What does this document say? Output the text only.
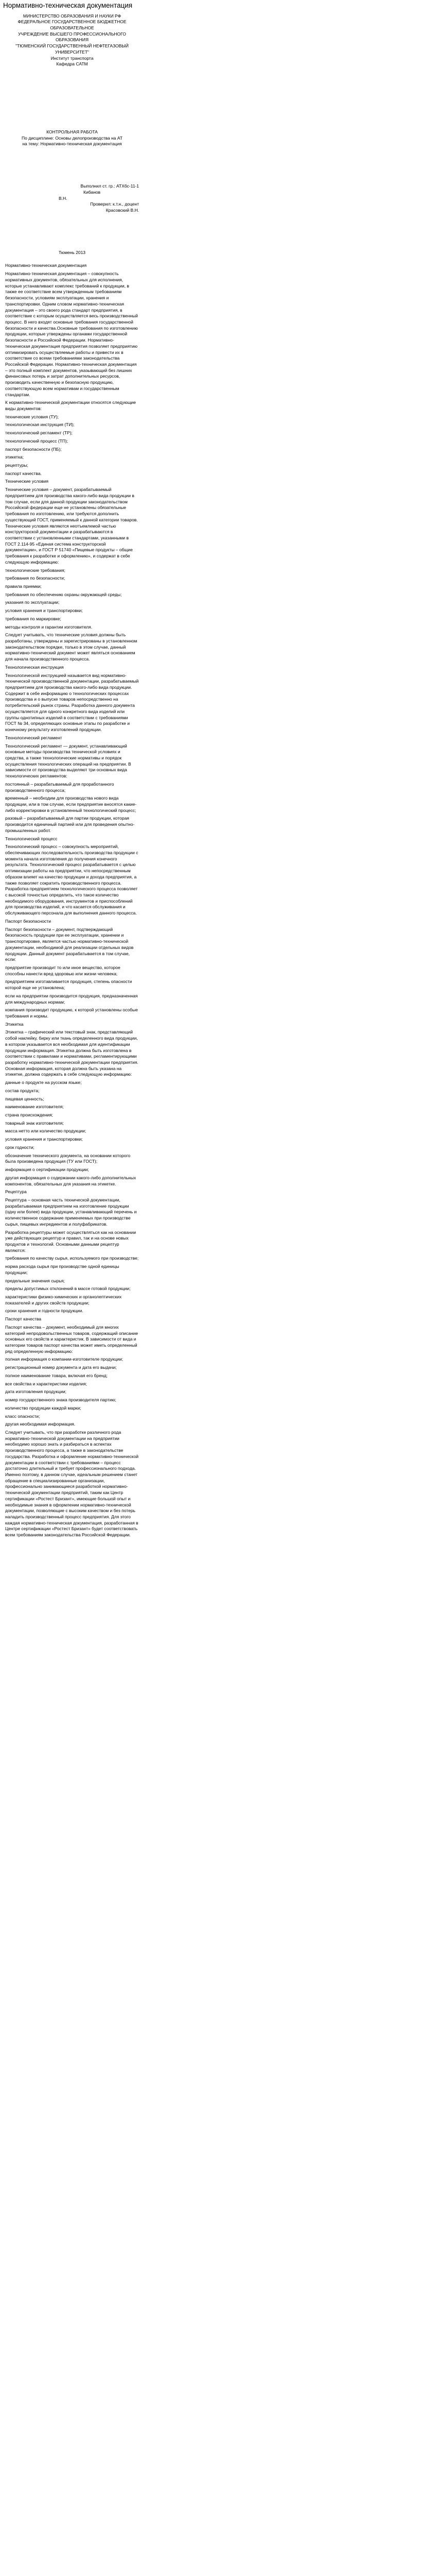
Нормативно-техническая документация

МИНИСТЕРСТВО ОБРАЗОВАНИЯ И НАУКИ РФ

ФЕДЕРАЛЬНОЕ ГОСУДАРСТВЕННОЕ БЮДЖЕТНОЕ ОБРАЗОВАТЕЛЬНОЕ

УЧРЕЖДЕНИЕ ВЫСШЕГО ПРОФЕССИОНАЛЬНОГО ОБРАЗОВАНИЯ

"ТЮМЕНСКИЙ ГОСУДАРСТВЕННЫЙ НЕФТЕГАЗОВЫЙ УНИВЕРСИТЕТ"

Институт транспорта

Кафедра САТМ

КОНТРОЛЬНАЯ РАБОТА

По дисциплине: Основы делопроизводства на АТ

на тему: Нормативно-техническая документация

Выполнил ст. гр.: АТХбс-11-1

Кибанов

В.Н.

Проверил: к.т.н., доцент

Красовский В.Н.

Тюмень 2013

Нормативно-техническая документация

Нормативно-техническая документация – совокупность нормативных документов, обязательных для исполнения, которые устанавливают комплекс требований к продукции, в также ее соответствие всем утвержденным требованиям безопасности, условиям эксплуатации, хранения и транспортировки. Одним словом нормативно-техническая документация – это своего рода стандарт предприятия, в соответствие с которым осуществляется весь производственный процесс. В него входят основные требования государственной безопасности и качества.Основные требования по изготовлению продукции, которые утверждены органами государственной безопасности и Российской Федерации. Нормативно-техническая документация предприятия позволяет предприятию оптимизировать осуществляемые работы и привести их в соответствие со всеми требованиями законодательства Российской Федерации. Нормативно-техническая документация – это полный комплект документов, указывающий без лишних финансовых потерь и затрат дополнительных ресурсов, производить качественную и безопасную продукцию, соответствующую всем нормативам и государственным стандартам.

К нормативно-технической документации относятся следующие виды документов:

технические условия (ТУ);

технологическая инструкция (ТИ);

технологический регламент (ТР);

технологический процесс (ТП);

паспорт безопасности (ПБ);

этикетка;

рецептуры;

паспорт качества.

Технические условия

Технические условия – документ, разрабатываемый предприятием для производства какого-либо вида продукции в том случае, если для данной продукции законодательством Российской федерации еще не установлены обязательные требования по изготовлению, или требуются дополнить существующий ГОСТ, применяемый к данной категории товаров. Технические условия являются неотъемлемой частью конструкторской документации и разрабатываются в соответствии с установленными стандартами, указанными в ГОСТ 2.114-95 «Единая система конструкторской документации», и ГОСТ Р 51740 «Пищевые продукты – общие требования к разработке и оформлению», и содержат в себе следующую информацию:

технологические требования;

требования по безопасности;

правила приемки;

требования по обеспечению охраны окружающей среды;

указания по эксплуатации;

условия хранения и транспортировки;

требования по маркировке;

методы контроля и гарантии изготовителя.

Следует учитывать, что технические условия должны быть разработаны, утверждены и зарегистрированы в установленном законодательством порядке, только в этом случае, данный нормативно-технический документ может являться основанием для начала производственного процесса.

Технологическая инструкция

Технологической инструкцией называется вид нормативно-технической производственной документации, разрабатываемый предприятием для производства какого-либо вида продукции. Содержит в себе информацию о технологических процессах производства и о выпуске товаров непосредственно на потребительский рынок страны. Разработка данного документа осуществляется для одного конкретного вида изделий или группы однотипных изделий в соответствии с требованиями ГОСТ № 34, определяющих основные этапы по разработке и конечному результату изготовлений продукции.

Технологический регламент

Технологический регламент — документ, устанавливающий основные методы производства технической условиях и средства, а также технологические нормативы и порядок осуществления технологических операций на предприятии. В зависимости от производства выделяют три основных вида технологических регламентов:

постоянный – разрабатываемый для проработанного производственного процесса;

временный – необходим для производства нового вида продукции, или в том случае, если предприятие вносятся какие-либо корректировки в установленный технологический процесс;

разовый – разрабатываемый для партии продукции, которая производится единичный партией или для проведения опытно-промышленных работ.

Технологический процесс

Технологический процесс – совокупность мероприятий, обеспечивающих последовательность производства продукции с момента начала изготовления до получения конечного результата. Технологический процесс разрабатывается с целью оптимизации работы на предприятии, что непосредственным образом влияет на качество продукции и дохода предприятия, а также позволяет сократить производственного процесса. Разработка предприятием технологического процесса позволяет с высокой точностью определить, что такое количество необходимого оборудования, инструментов и приспособлений для производства изделий, и что касается обслуживания и обслуживающего персонала для выполнения данного процесса.

Паспорт безопасности

Паспорт безопасности – документ, подтверждающий безопасность продукции при ее эксплуатации, хранении и транспортировке, является частью нормативно-технической документации, необходимой для реализации отдельных видов продукции. Данный документ разрабатывается в том случае, если:

предприятие производит то или иное вещество, которое способны нанести вред здоровью или жизни человека;

предприятием изготавливается продукция, степень опасности которой еще не установлена;

если на предприятии производится продукция, предназначенная для международных нормам;

компания производит продукцию, к которой установлены особые требования и нормы.

Этикетка

Этикетка – графический или текстовый знак, представляющий собой наклейку, бирку или ткань определенного вида продукции, в котором указывается вся необходимая для идентификации продукции информация. Этикетка должна быть изготовлена в соответствии с правилами и нормативами, регламентирующими разработку нормативно-технической документации предприятия. Основная информация, которая должна быть указана на этикетке, должна содержать в себе следующую информацию:

данные о продукте на русском языке;

состав продукта;

пищевая ценность;

наименование изготовителя;

страна происхождения;

товарный знак изготовителя;

масса нетто или количество продукции;

условия хранения и транспортировки;

срок годности;

обозначение технического документа, на основании которого была произведена продукция (ТУ или ГОСТ);

информация о сертификации продукции;

другая информация о содержании какого-либо дополнительных компонентов, обязательных для указания на этикетке.

Рецептура

Рецептура – основная часть технической документации, разрабатываемая предприятием на изготовление продукции (одну или более) вида продукции, устанавливающий перечень и количественное содержание применяемых при производстве сырья, пищевых ингредиентов и полуфабрикатов.

Разработка рецептуры может осуществляться как на основании уже действующих рецептур и правил, так и на основе новых продуктов и технологий. Основными данными рецептур являются:

требования по качеству сырья, используемого при производстве;

норма расхода сырья при производстве одной единицы продукции;

предельные значения сырья;

пределы допустимых отклонений в массе готовой продукции;

характеристики физико-химических и органолептических показателей и других свойств продукции;

сроки хранения и годности продукции.

Паспорт качества

Паспорт качества – документ, необходимый для многих категорий непродовольственных товаров, содержащий описание основных его свойств и характеристик. В зависимости от вида и категории товаров паспорт качества может иметь определенный ряд определенную информацию:

полная информация о компании-изготовителе продукции;

регистрационный номер документа и дата его выдачи;

полное наименование товара, включая его бренд;

все свойства и характеристики изделия;

дата изготовления продукции;

номер государственного знака производителя партию;

количество продукции каждой марки;

класс опасности;

другая необходимая информация.

Следует учитывать, что при разработке различного рода нормативно-технической документации на предприятии необходимо хорошо знать и разбираться в аспектах производственного процесса, а также в законодательстве государства. Разработка и оформление нормативно-технической документации в соответствии с требованиями – процесс достаточно длительный и требует профессионального подхода. Именно поэтому, в данном случае, идеальным решением станет обращение в специализированные организации, профессионально занимающиеся разработкой нормативно-технической документации предприятий, таким как Центр сертификации «Ростест Бризант», имеющие большой опыт и необходимые знания в оформлении нормативно-технической документации, позволяющие с высоким качеством и без потерь наладить производственный процесс предприятия. Для этого каждая нормативно-техническая документация, разработанная в Центре сертификации «Ростест Бризант» будет соответствовать всем требованиям законодательства Российской Федерации.
